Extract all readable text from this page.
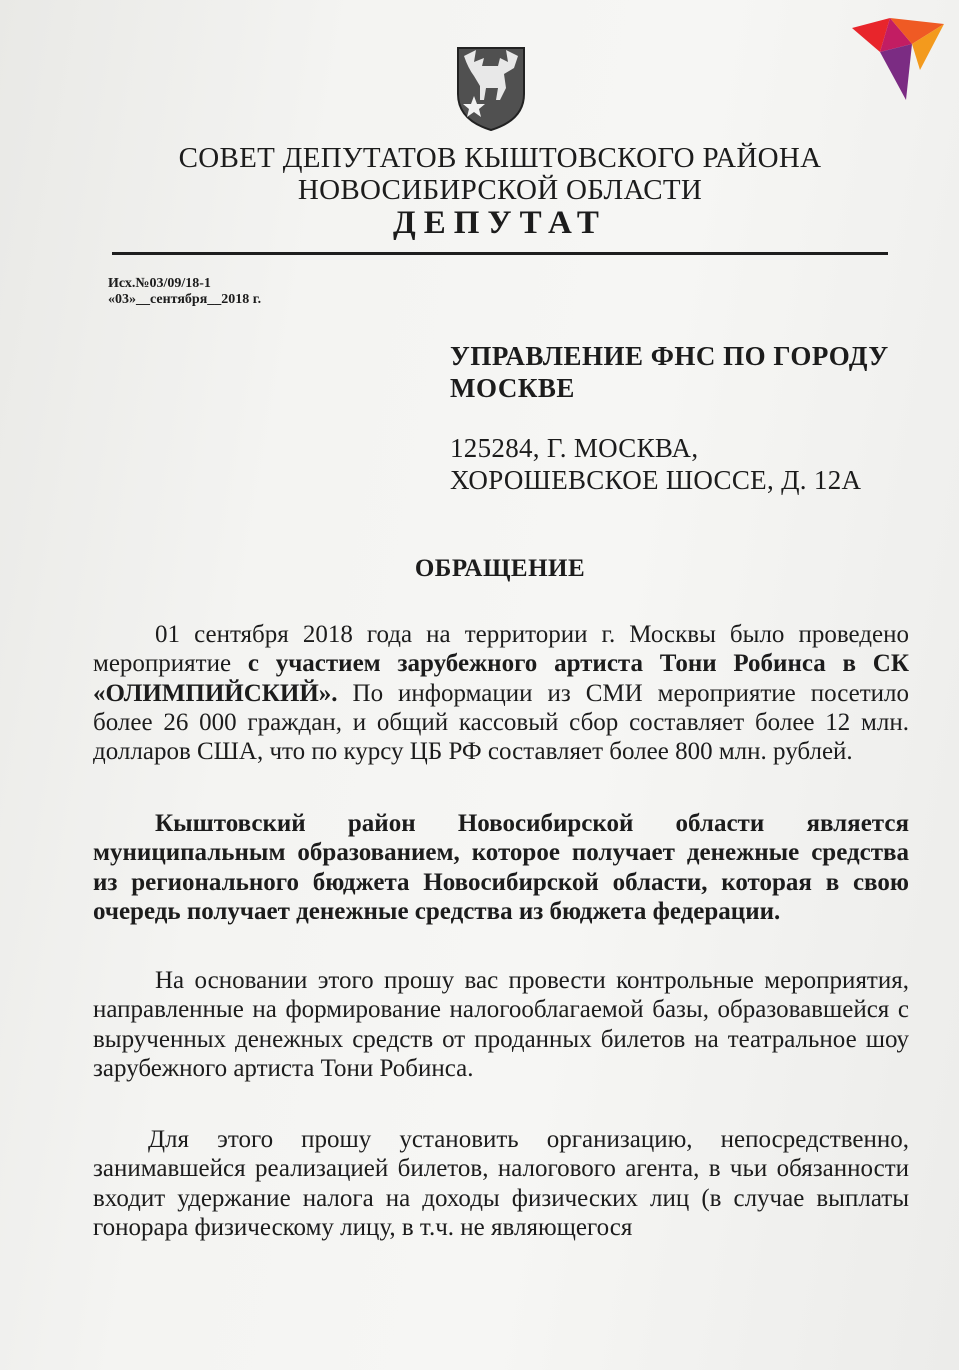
СОВЕТ ДЕПУТАТОВ КЫШТОВСКОГО РАЙОНА
НОВОСИБИРСКОЙ ОБЛАСТИ
ДЕПУТАТ
Исх.№03/09/18-1
«03»__сентября__2018 г.
УПРАВЛЕНИЕ ФНС ПО ГОРОДУ МОСКВЕ
125284, Г. МОСКВА,
ХОРОШЕВСКОЕ ШОССЕ, Д. 12А
ОБРАЩЕНИЕ
01 сентября 2018 года на территории г. Москвы было проведено мероприятие с участием зарубежного артиста Тони Робинса в СК «ОЛИМПИЙСКИЙ». По информации из СМИ мероприятие посетило более 26 000 граждан, и общий кассовый сбор составляет более 12 млн. долларов США, что по курсу ЦБ РФ составляет более 800 млн. рублей.
Кыштовский район Новосибирской области является муниципальным образованием, которое получает денежные средства из регионального бюджета Новосибирской области, которая в свою очередь получает денежные средства из бюджета федерации.
На основании этого прошу вас провести контрольные мероприятия, направленные на формирование налогооблагаемой базы, образовавшейся с вырученных денежных средств от проданных билетов на театральное шоу зарубежного артиста Тони Робинса.
Для этого прошу установить организацию, непосредственно, занимавшейся реализацией билетов, налогового агента, в чьи обязанности входит удержание налога на доходы физических лиц (в случае выплаты гонорара физическому лицу, в т.ч. не являющегося
